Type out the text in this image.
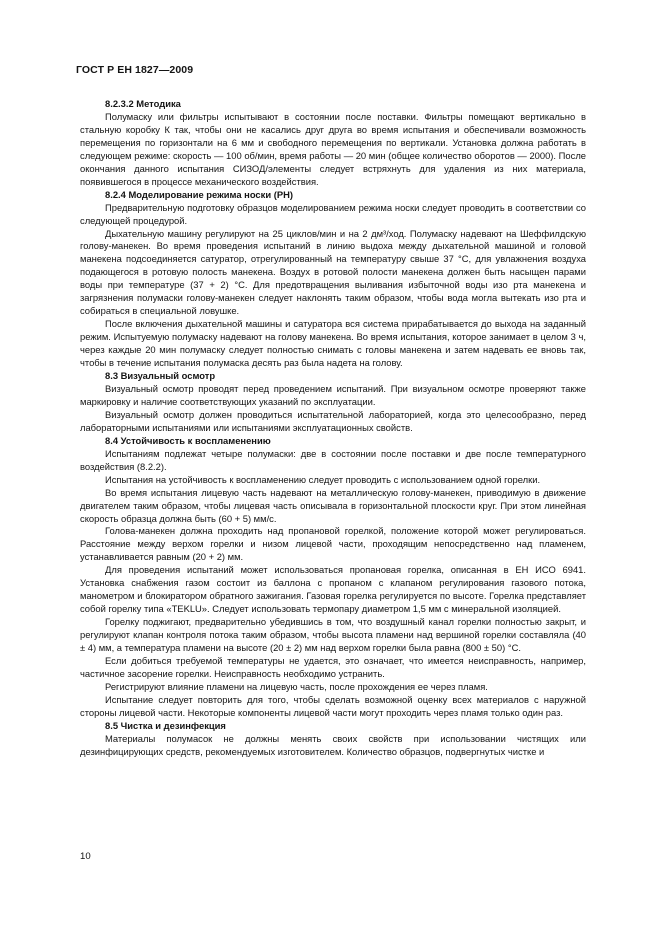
ГОСТ Р ЕН 1827—2009
8.2.3.2 Методика
Полумаску или фильтры испытывают в состоянии после поставки. Фильтры помещают вертикально в стальную коробку К так, чтобы они не касались друг друга во время испытания и обеспечивали возможность перемещения по горизонтали на 6 мм и свободного перемещения по вертикали. Установка должна работать в следующем режиме: скорость — 100 об/мин, время работы — 20 мин (общее количество оборотов — 2000). После окончания данного испытания СИЗОД/элементы следует встряхнуть для удаления из них материала, появившегося в процессе механического воздействия.
8.2.4 Моделирование режима носки (РН)
Предварительную подготовку образцов моделированием режима носки следует проводить в соответствии со следующей процедурой.
Дыхательную машину регулируют на 25 циклов/мин и на 2 дм³/ход. Полумаску надевают на Шеффилдскую голову-манекен. Во время проведения испытаний в линию выдоха между дыхательной машиной и головой манекена подсоединяется сатуратор, отрегулированный на температуру свыше 37 °С, для увлажнения воздуха подающегося в ротовую полость манекена. Воздух в ротовой полости манекена должен быть насыщен парами воды при температуре (37 + 2) °С. Для предотвращения выливания избыточной воды изо рта манекена и загрязнения полумаски голову-манекен следует наклонять таким образом, чтобы вода могла вытекать изо рта и собираться в специальной ловушке.
После включения дыхательной машины и сатуратора вся система прирабатывается до выхода на заданный режим. Испытуемую полумаску надевают на голову манекена. Во время испытания, которое занимает в целом 3 ч, через каждые 20 мин полумаску следует полностью снимать с головы манекена и затем надевать ее вновь так, чтобы в течение испытания полумаска десять раз была надета на голову.
8.3 Визуальный осмотр
Визуальный осмотр проводят перед проведением испытаний. При визуальном осмотре проверяют также маркировку и наличие соответствующих указаний по эксплуатации.
Визуальный осмотр должен проводиться испытательной лабораторией, когда это целесообразно, перед лабораторными испытаниями или испытаниями эксплуатационных свойств.
8.4 Устойчивость к воспламенению
Испытаниям подлежат четыре полумаски: две в состоянии после поставки и две после температурного воздействия (8.2.2).
Испытания на устойчивость к воспламенению следует проводить с использованием одной горелки.
Во время испытания лицевую часть надевают на металлическую голову-манекен, приводимую в движение двигателем таким образом, чтобы лицевая часть описывала в горизонтальной плоскости круг. При этом линейная скорость образца должна быть (60 + 5) мм/с.
Голова-манекен должна проходить над пропановой горелкой, положение которой может регулироваться. Расстояние между верхом горелки и низом лицевой части, проходящим непосредственно над пламенем, устанавливается равным (20 + 2) мм.
Для проведения испытаний может использоваться пропановая горелка, описанная в ЕН ИСО 6941. Установка снабжения газом состоит из баллона с пропаном с клапаном регулирования газового потока, манометром и блокиратором обратного зажигания. Газовая горелка регулируется по высоте. Горелка представляет собой горелку типа «TEKLU». Следует использовать термопару диаметром 1,5 мм с минеральной изоляцией.
Горелку поджигают, предварительно убедившись в том, что воздушный канал горелки полностью закрыт, и регулируют клапан контроля потока таким образом, чтобы высота пламени над вершиной горелки составляла (40 ± 4) мм, а температура пламени на высоте (20 ± 2) мм над верхом горелки была равна (800 ± 50) °С.
Если добиться требуемой температуры не удается, это означает, что имеется неисправность, например, частичное засорение горелки. Неисправность необходимо устранить.
Регистрируют влияние пламени на лицевую часть, после прохождения ее через пламя.
Испытание следует повторить для того, чтобы сделать возможной оценку всех материалов с наружной стороны лицевой части. Некоторые компоненты лицевой части могут проходить через пламя только один раз.
8.5 Чистка и дезинфекция
Материалы полумасок не должны менять своих свойств при использовании чистящих или дезинфицирующих средств, рекомендуемых изготовителем. Количество образцов, подвергнутых чистке и
10
